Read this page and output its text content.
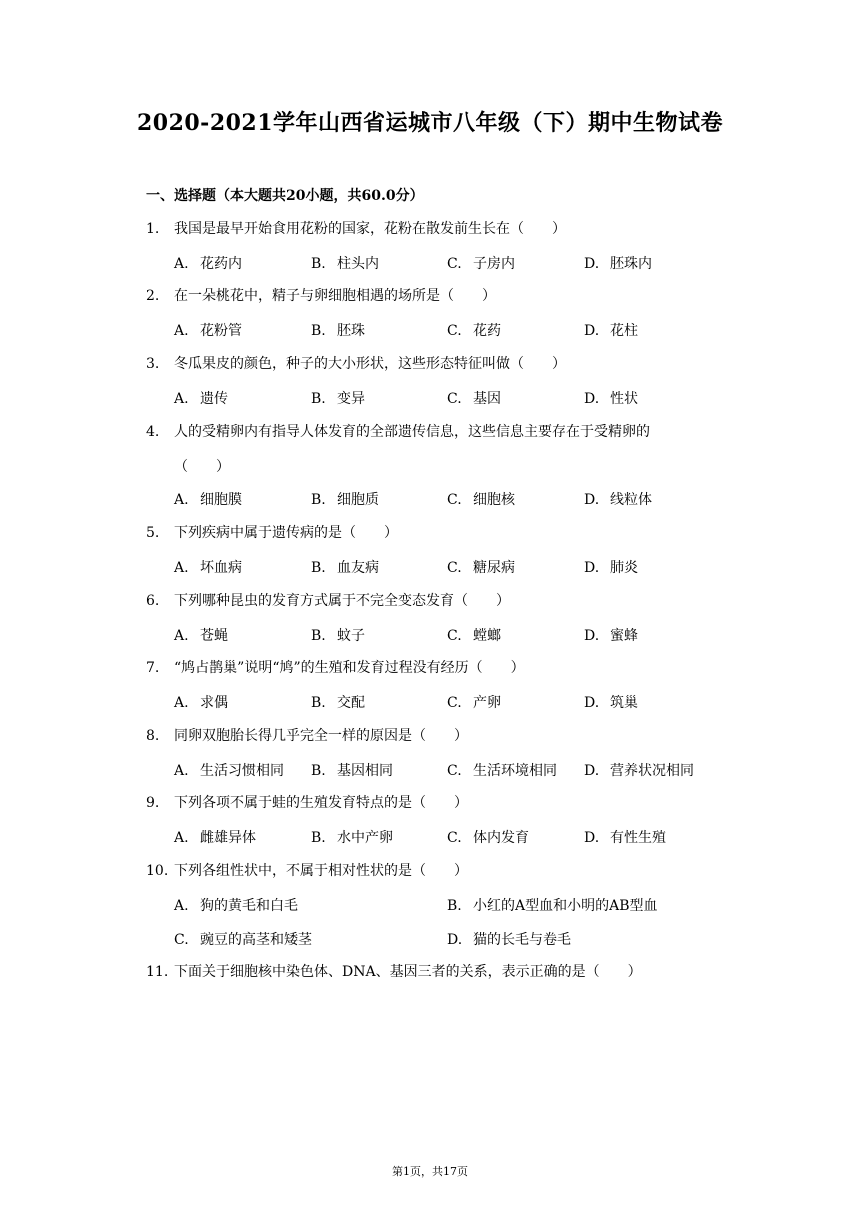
2020-2021学年山西省运城市八年级（下）期中生物试卷
一、选择题（本大题共20小题，共60.0分）
1. 我国是最早开始食用花粉的国家，花粉在散发前生长在（　　）
A. 花药内	B. 柱头内	C. 子房内	D. 胚珠内
2. 在一朵桃花中，精子与卵细胞相遇的场所是（　　）
A. 花粉管	B. 胚珠	C. 花药	D. 花柱
3. 冬瓜果皮的颜色，种子的大小形状，这些形态特征叫做（　　）
A. 遗传	B. 变异	C. 基因	D. 性状
4. 人的受精卵内有指导人体发育的全部遗传信息，这些信息主要存在于受精卵的
（　　）
A. 细胞膜	B. 细胞质	C. 细胞核	D. 线粒体
5. 下列疾病中属于遗传病的是（　　）
A. 坏血病	B. 血友病	C. 糖尿病	D. 肺炎
6. 下列哪种昆虫的发育方式属于不完全变态发育（　　）
A. 苍蝇	B. 蚊子	C. 螳螂	D. 蜜蜂
7. “鸠占鹊巢”说明“鸠”的生殖和发育过程没有经历（　　）
A. 求偶	B. 交配	C. 产卵	D. 筑巢
8. 同卵双胞胎长得几乎完全一样的原因是（　　）
A. 生活习惯相同 B. 基因相同	C. 生活环境相同 D. 营养状况相同
9. 下列各项不属于蛙的生殖发育特点的是（　　）
A. 雌雄异体	B. 水中产卵	C. 体内发育	D. 有性生殖
10. 下列各组性状中，不属于相对性状的是（　　）
A. 狗的黄毛和白毛	B. 小红的A型血和小明的AB型血
C. 豌豆的高茎和矮茎	D. 猫的长毛与卷毛
11. 下面关于细胞核中染色体、DNA、基因三者的关系，表示正确的是（　　）
第1页，共17页
